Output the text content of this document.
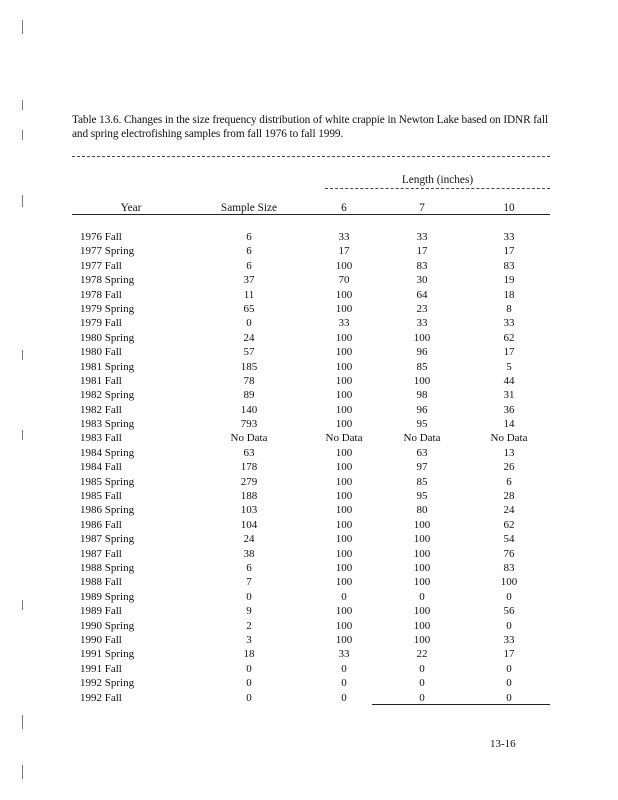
Table 13.6. Changes in the size frequency distribution of white crappie in Newton Lake based on IDNR fall and spring electrofishing samples from fall 1976 to fall 1999.
Length (inches)
Year	Sample Size	6	7	10
1976 Fall	6	33	33	33
1977 Spring	6	17	17	17
1977 Fall	6	100	83	83
1978 Spring	37	70	30	19
1978 Fall	11	100	64	18
1979 Spring	65	100	23	8
1979 Fall	0	33	33	33
1980 Spring	24	100	100	62
1980 Fall	57	100	96	17
1981 Spring	185	100	85	5
1981 Fall	78	100	100	44
1982 Spring	89	100	98	31
1982 Fall	140	100	96	36
1983 Spring	793	100	95	14
1983 Fall	No Data	No Data	No Data	No Data
1984 Spring	63	100	63	13
1984 Fall	178	100	97	26
1985 Spring	279	100	85	6
1985 Fall	188	100	95	28
1986 Spring	103	100	80	24
1986 Fall	104	100	100	62
1987 Spring	24	100	100	54
1987 Fall	38	100	100	76
1988 Spring	6	100	100	83
1988 Fall	7	100	100	100
1989 Spring	0	0	0	0
1989 Fall	9	100	100	56
1990 Spring	2	100	100	0
1990 Fall	3	100	100	33
1991 Spring	18	33	22	17
1991 Fall	0	0	0	0
1992 Spring	0	0	0	0
1992 Fall	0	0	0	0
13-16
